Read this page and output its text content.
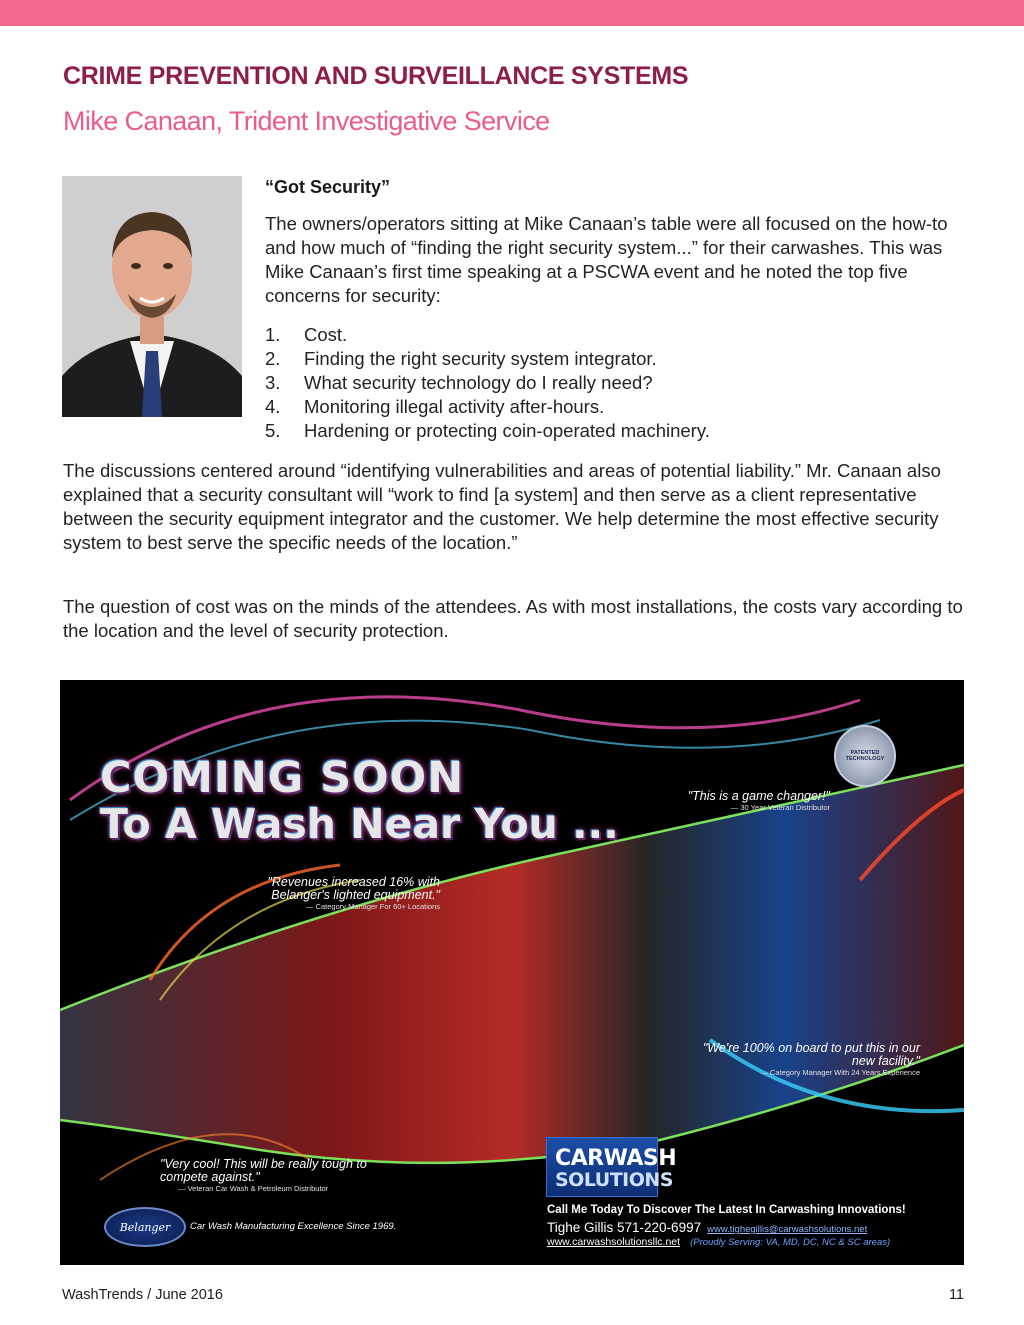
CRIME PREVENTION AND SURVEILLANCE SYSTEMS
Mike Canaan, Trident Investigative Service

“Got Security”

The owners/operators sitting at Mike Canaan’s table were all focused on the how-to and how much of “finding the right security system...” for their carwashes. This was Mike Canaan’s first time speaking at a PSCWA event and he noted the top five concerns for security:

1.	Cost.
2.	Finding the right security system integrator.
3.	What security technology do I really need?
4.	Monitoring illegal activity after-hours.
5.	Hardening or protecting coin-operated machinery.

The discussions centered around “identifying vulnerabilities and areas of potential liability.” Mr. Canaan also explained that a security consultant will “work to find [a system] and then serve as a client representative between the security equipment integrator and the customer. We help determine the most effective security system to best serve the specific needs of the location.”

The question of cost was on the minds of the attendees. As with most installations, the costs vary according to the location and the level of security protection.

COMING SOON

To A Wash Near You ...

PATENTED TECHNOLOGY

"This is a game changer!"
— 30 Year Veteran Distributor

"Revenues increased 16% with Belanger's lighted equipment."
— Category Manager For 60+ Locations

"We're 100% on board to put this in our new facility."
— Category Manager With 24 Years Experience

"Very cool! This will be really tough to compete against."
— Veteran Car Wash & Petroleum Distributor

CARWASH
SOLUTIONS

Call Me Today To Discover The Latest In Carwashing Innovations!

Tighe Gillis 571-220-6997 www.tighegillis@carwashsolutions.net

www.carwashsolutionsllc.net (Proudly Serving: VA, MD, DC, NC & SC areas)

Belanger	Car Wash Manufacturing Excellence Since 1969.

WashTrends / June 2016	11
